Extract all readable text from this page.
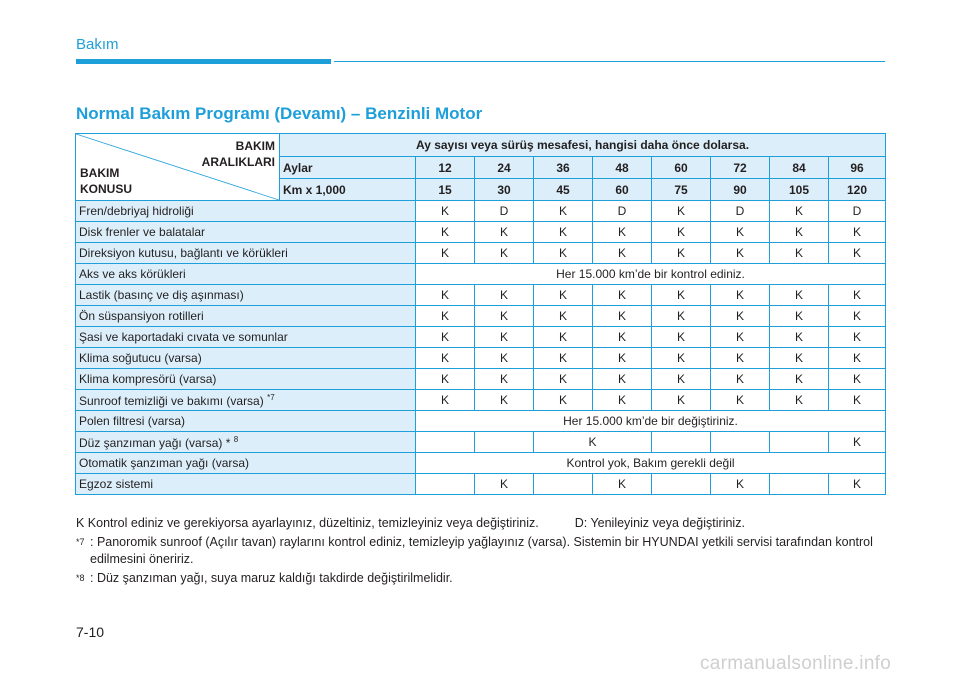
Bakım
Normal Bakım Programı (Devamı) – Benzinli Motor
BAKIM
ARALIKLARI
BAKIM
KONUSU	Ay sayısı veya sürüş mesafesi, hangisi daha önce dolarsa.								
	Aylar	12	24	36	48	60	72	84	96
	Km x 1,000	15	30	45	60	75	90	105	120
Fren/debriyaj hidroliği		K	D	K	D	K	D	K	D
Disk frenler ve balatalar		K	K	K	K	K	K	K	K
Direksiyon kutusu, bağlantı ve körükleri		K	K	K	K	K	K	K	K
Aks ve aks körükleri		Her 15.000 km’de bir kontrol ediniz.							
Lastik (basınç ve diş aşınması)		K	K	K	K	K	K	K	K
Ön süspansiyon rotilleri		K	K	K	K	K	K	K	K
Şasi ve kaportadaki cıvata ve somunlar		K	K	K	K	K	K	K	K
Klima soğutucu (varsa)		K	K	K	K	K	K	K	K
Klima kompresörü (varsa)		K	K	K	K	K	K	K	K
Sunroof temizliği ve bakımı (varsa) $^{*7}$		K	K	K	K	K	K	K	K
Polen filtresi (varsa)		Her 15.000 km’de bir değiştiriniz.							
Düz şanzıman yağı (varsa) * $^8$				K					K
Otomatik şanzıman yağı (varsa)		Kontrol yok, Bakım gerekli değil							
Egzoz sistemi			K		K		K		K
K Kontrol ediniz ve gerekiyorsa ayarlayınız, düzeltiniz, temizleyiniz veya değiştiriniz.	D: Yenileyiniz veya değiştiriniz.
*7 : Panoromik sunroof (Açılır tavan) raylarını kontrol ediniz, temizleyip yağlayınız (varsa). Sistemin bir HYUNDAI yetkili servisi tarafından kontrol edilmesini öneririz.
*8 : Düz şanzıman yağı, suya maruz kaldığı takdirde değiştirilmelidir.
7-10
carmanualsonline.info
